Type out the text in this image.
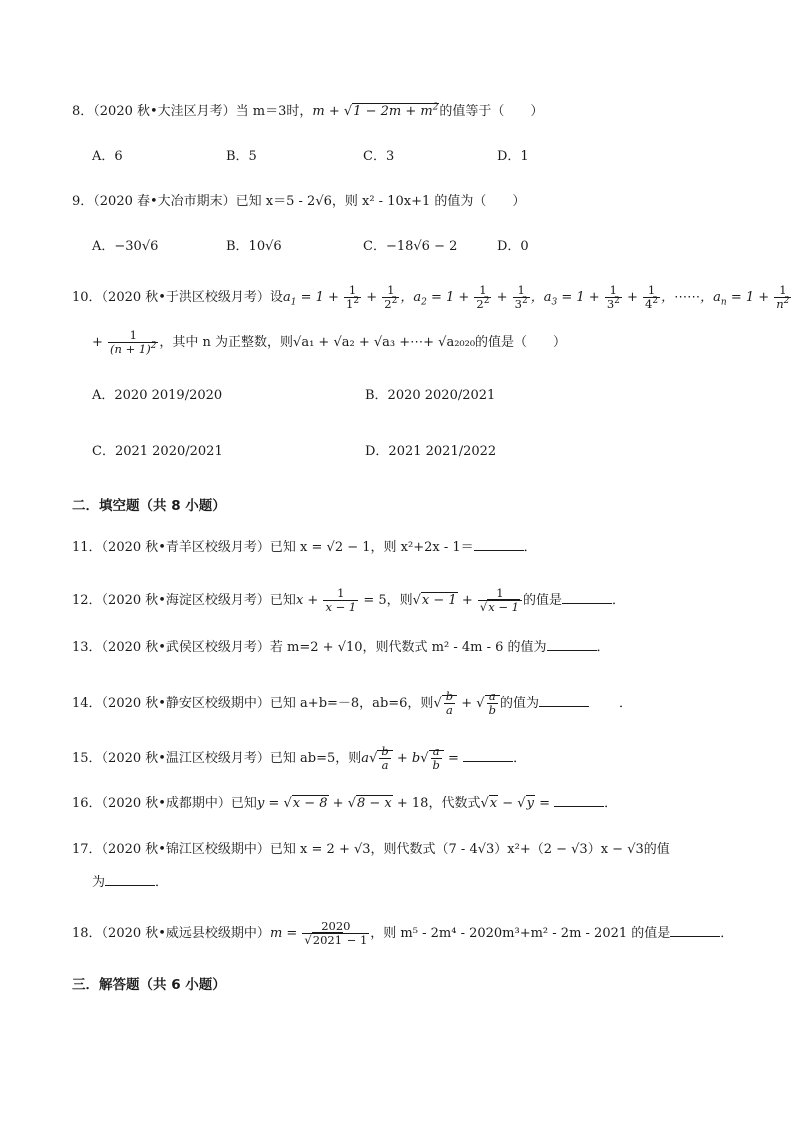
8．（2020 秋•大洼区月考）当 m＝3时，$m + √1 - 2m + m^2$的值等于（　　）
A．6	B．5	C．3	D．1
9．（2020 春•大冶市期末）已知 x＝5 - 2√6，则 x² - 10x+1 的值为（　　）
A．−30√6	B．10√6	C．−18√6 − 2	D．0
10．（2020 秋•于洪区校级月考）设$a_1 = 1 + \frac{1}{1^2} + \frac{1}{2^2}$ ，$a_2 = 1 + \frac{1}{2^2} + \frac{1}{3^2}$ ，$a_3 = 1 + \frac{1}{3^2} + \frac{1}{4^2}$ ，⋯⋯，$a_n = 1 + \frac{1}{n^2}$
+ $\frac{1}{(n + 1)^2}$ ，其中 n 为正整数，则√a₁ + √a₂ + √a₃ +⋯+ √a₂₀₂₀的值是（　　）
A．2020 2019/2020	B．2020 2020/2021
C．2021 2020/2021	D．2021 2021/2022
二．填空题（共 8 小题）
11．（2020 秋•青羊区校级月考）已知 x = √2 − 1，则 x²+2x - 1＝	．
12．（2020 秋•海淀区校级月考）已知$x + \frac{1}{x - 1} = 5$，则$√x - 1 + \frac{1}{√x - 1}$ 的值是	．
13．（2020 秋•武侯区校级月考）若 m=2 + √10，则代数式 m² - 4m - 6 的值为	．
14．（2020 秋•静安区校级期中）已知 a+b=－8，ab=6，则√ $\frac{b}{a}$ + √ $\frac{a}{b}$ 的值为	．
15．（2020 秋•温江区校级月考）已知 ab=5，则$a√ \frac{b}{a} + b√ \frac{a}{b}$ =	．
16．（2020 秋•成都期中）已知y = √x − 8 + √8 − x + 18，代数式√x − √y =	．
17．（2020 秋•锦江区校级期中）已知 x = 2 + √3，则代数式（7 - 4√3）x²+（2 − √3）x − √3的值
为	．
18．（2020 秋•威远县校级期中）$m = \frac{2020}{√2021 - 1}$ ，则 m⁵ - 2m⁴ - 2020m³+m² - 2m - 2021 的值是	．
三．解答题（共 6 小题）
